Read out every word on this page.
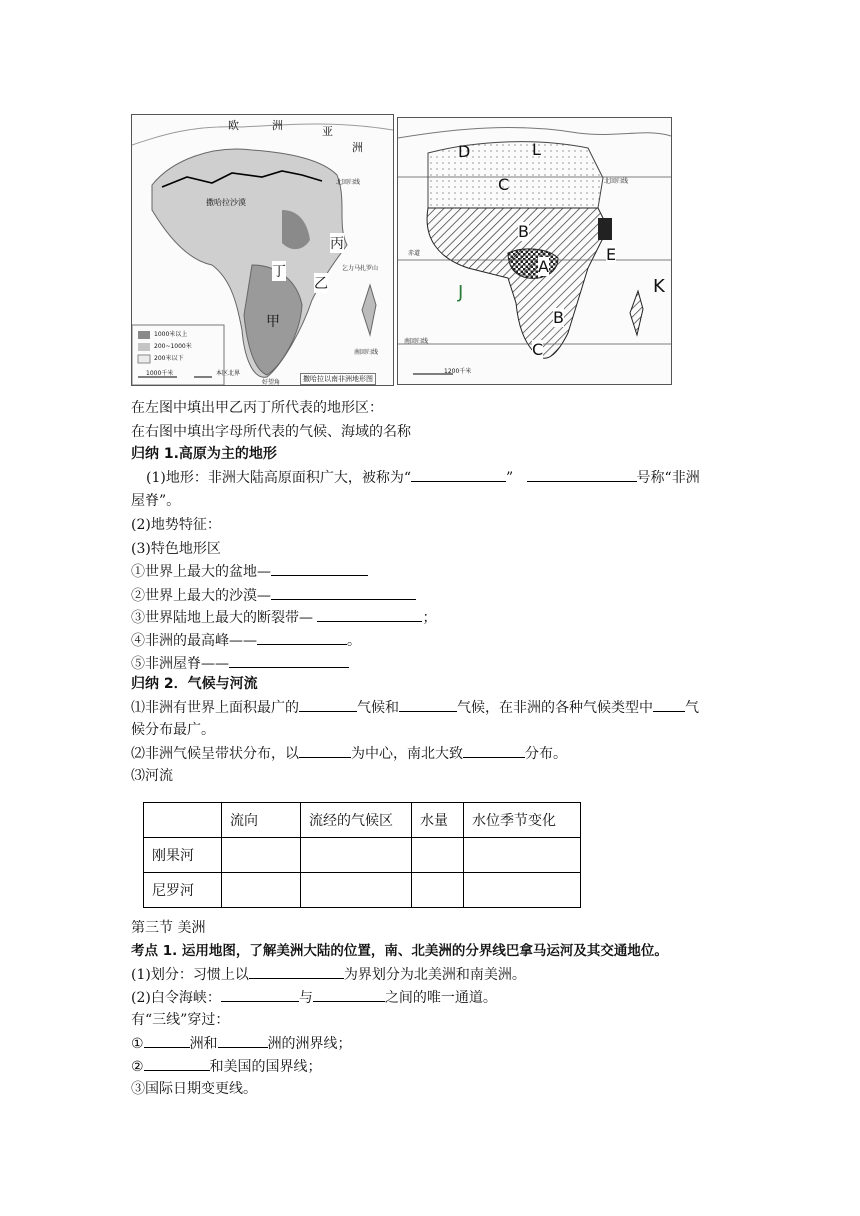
欧	洲	亚
洲
撒哈拉沙漠
北回归线
丙
丁
乙
乞力马扎罗山
甲
南回归线
1000米以上
200~1000米
200米以下
1000千米	本区北界
好望角	撒哈拉以南非洲地形图
D	L
C	北回归线
B
E
赤道
A
J	K
B
C
南回归线
1200千米
在左图中填出甲乙丙丁所代表的地形区：
在右图中填出字母所代表的气候、海域的名称
归纳 1.高原为主的地形
(1)地形：非洲大陆高原面积广大，被称为“	”	号称“非洲
屋脊”。
(2)地势特征：
(3)特色地形区
①世界上最大的盆地—
②世界上最大的沙漠—
③世界陆地上最大的断裂带—	；
④非洲的最高峰——	。
⑤非洲屋脊——
归纳 2．气候与河流
⑴非洲有世界上面积最广的	气候和	气候，在非洲的各种气候类型中 气
候分布最广。
⑵非洲气候呈带状分布，以	为中心，南北大致	分布。
⑶河流
	流向	流经的气候区	水量	水位季节变化
刚果河				
尼罗河				
第三节 美洲
考点 1. 运用地图，了解美洲大陆的位置，南、北美洲的分界线巴拿马运河及其交通地位。
(1)划分：习惯上以	为界划分为北美洲和南美洲。
(2)白令海峡：	与	之间的唯一通道。
有“三线”穿过：
①	洲和	洲的洲界线；
②	和美国的国界线；
③国际日期变更线。
